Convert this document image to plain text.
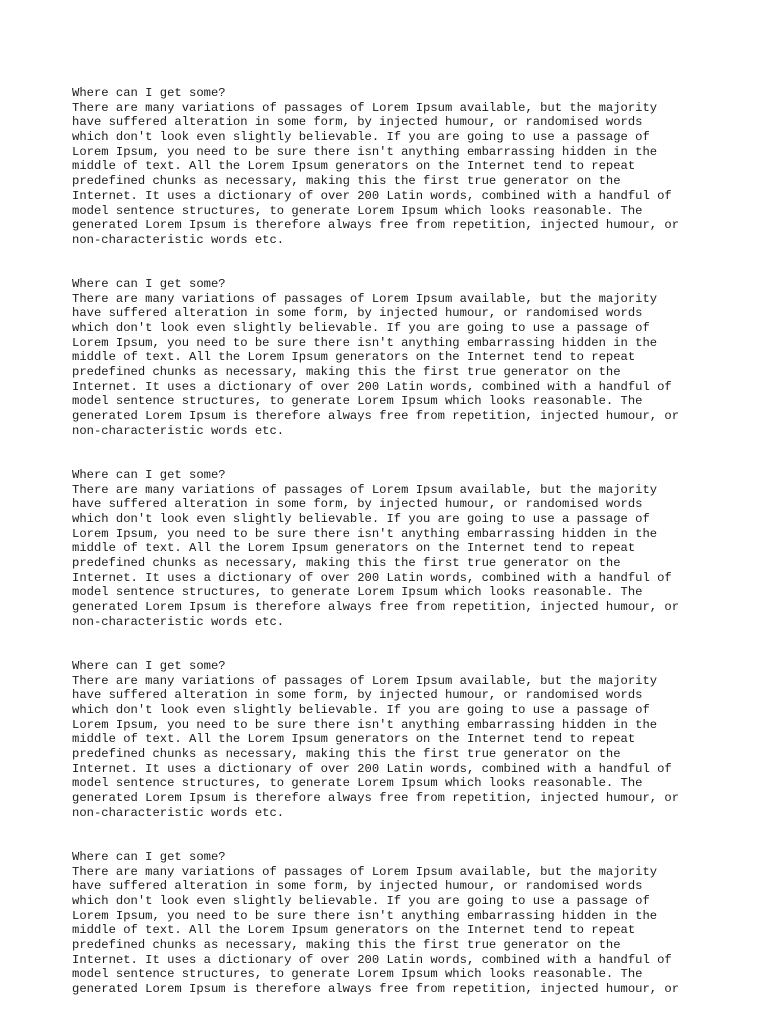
Where can I get some?
There are many variations of passages of Lorem Ipsum available, but the majority
have suffered alteration in some form, by injected humour, or randomised words
which don't look even slightly believable. If you are going to use a passage of
Lorem Ipsum, you need to be sure there isn't anything embarrassing hidden in the
middle of text. All the Lorem Ipsum generators on the Internet tend to repeat
predefined chunks as necessary, making this the first true generator on the
Internet. It uses a dictionary of over 200 Latin words, combined with a handful of
model sentence structures, to generate Lorem Ipsum which looks reasonable. The
generated Lorem Ipsum is therefore always free from repetition, injected humour, or
non-characteristic words etc.
Where can I get some?
There are many variations of passages of Lorem Ipsum available, but the majority
have suffered alteration in some form, by injected humour, or randomised words
which don't look even slightly believable. If you are going to use a passage of
Lorem Ipsum, you need to be sure there isn't anything embarrassing hidden in the
middle of text. All the Lorem Ipsum generators on the Internet tend to repeat
predefined chunks as necessary, making this the first true generator on the
Internet. It uses a dictionary of over 200 Latin words, combined with a handful of
model sentence structures, to generate Lorem Ipsum which looks reasonable. The
generated Lorem Ipsum is therefore always free from repetition, injected humour, or
non-characteristic words etc.
Where can I get some?
There are many variations of passages of Lorem Ipsum available, but the majority
have suffered alteration in some form, by injected humour, or randomised words
which don't look even slightly believable. If you are going to use a passage of
Lorem Ipsum, you need to be sure there isn't anything embarrassing hidden in the
middle of text. All the Lorem Ipsum generators on the Internet tend to repeat
predefined chunks as necessary, making this the first true generator on the
Internet. It uses a dictionary of over 200 Latin words, combined with a handful of
model sentence structures, to generate Lorem Ipsum which looks reasonable. The
generated Lorem Ipsum is therefore always free from repetition, injected humour, or
non-characteristic words etc.
Where can I get some?
There are many variations of passages of Lorem Ipsum available, but the majority
have suffered alteration in some form, by injected humour, or randomised words
which don't look even slightly believable. If you are going to use a passage of
Lorem Ipsum, you need to be sure there isn't anything embarrassing hidden in the
middle of text. All the Lorem Ipsum generators on the Internet tend to repeat
predefined chunks as necessary, making this the first true generator on the
Internet. It uses a dictionary of over 200 Latin words, combined with a handful of
model sentence structures, to generate Lorem Ipsum which looks reasonable. The
generated Lorem Ipsum is therefore always free from repetition, injected humour, or
non-characteristic words etc.
Where can I get some?
There are many variations of passages of Lorem Ipsum available, but the majority
have suffered alteration in some form, by injected humour, or randomised words
which don't look even slightly believable. If you are going to use a passage of
Lorem Ipsum, you need to be sure there isn't anything embarrassing hidden in the
middle of text. All the Lorem Ipsum generators on the Internet tend to repeat
predefined chunks as necessary, making this the first true generator on the
Internet. It uses a dictionary of over 200 Latin words, combined with a handful of
model sentence structures, to generate Lorem Ipsum which looks reasonable. The
generated Lorem Ipsum is therefore always free from repetition, injected humour, or
